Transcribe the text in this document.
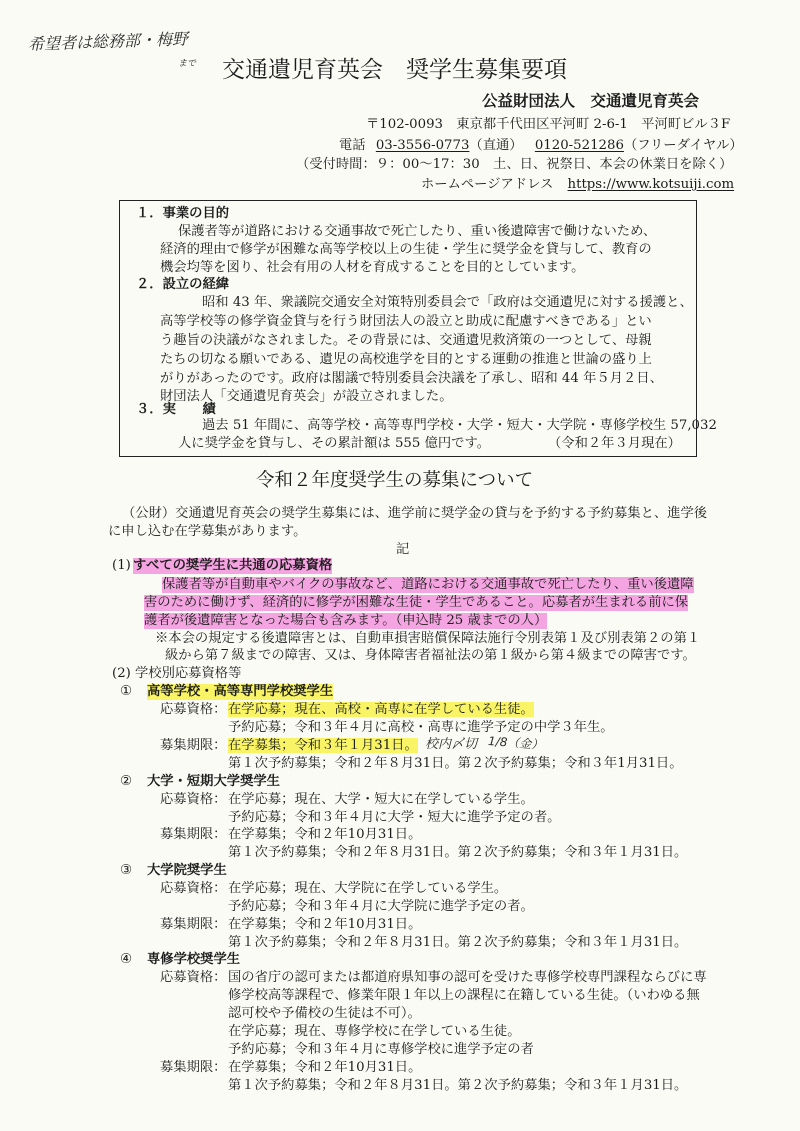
希望者は総務部・梅野
まで 交通遺児育英会　奨学生募集要項
公益財団法人　交通遺児育英会
〒102-0093　東京都千代田区平河町 2-6-1　平河町ビル３F
電話 03-3556-0773（直通） 0120-521286（フリーダイヤル）
（受付時間：９：00～17：30　土、日、祝祭日、本会の休業日を除く）
ホームページアドレス https://www.kotsuiji.com
１．事業の目的
保護者等が道路における交通事故で死亡したり、重い後遺障害で働けないため、
経済的理由で修学が困難な高等学校以上の生徒・学生に奨学金を貸与して、教育の
機会均等を図り、社会有用の人材を育成することを目的としています。
２．設立の経緯
昭和 43 年、衆議院交通安全対策特別委員会で「政府は交通遺児に対する援護と、
高等学校等の修学資金貸与を行う財団法人の設立と助成に配慮すべきである」とい
う趣旨の決議がなされました。その背景には、交通遺児救済策の一つとして、母親
たちの切なる願いである、遺児の高校進学を目的とする運動の推進と世論の盛り上
がりがあったのです。政府は閣議で特別委員会決議を了承し、昭和 44 年５月２日、
財団法人「交通遺児育英会」が設立されました。
３．実　　績
過去 51 年間に、高等学校・高等専門学校・大学・短大・大学院・専修学校生 57,032
人に奨学金を貸与し、その累計額は 555 億円です。	（令和２年３月現在）
令和２年度奨学生の募集について
（公財）交通遺児育英会の奨学生募集には、進学前に奨学金の貸与を予約する予約募集と、進学後
に申し込む在学募集があります。
記
(1) すべての奨学生に共通の応募資格
保護者等が自動車やバイクの事故など、道路における交通事故で死亡したり、重い後遺障
害のために働けず、経済的に修学が困難な生徒・学生であること。応募者が生まれる前に保
護者が後遺障害となった場合も含みます。（申込時 25 歳までの人）
※本会の規定する後遺障害とは、自動車損害賠償保障法施行令別表第１及び別表第２の第１
級から第７級までの障害、又は、身体障害者福祉法の第１級から第４級までの障害です。
(2) 学校別応募資格等
① 高等学校・高等専門学校奨学生
応募資格： 在学応募；現在、高校・高専に在学している生徒。
予約応募；令和３年４月に高校・高専に進学予定の中学３年生。
募集期限： 在学募集；令和３年１月31日。 校内〆切 1/8（金）
第１次予約募集；令和２年８月31日。第２次予約募集；令和３年1月31日。
② 大学・短期大学奨学生
応募資格： 在学応募；現在、大学・短大に在学している学生。
予約応募；令和３年４月に大学・短大に進学予定の者。
募集期限： 在学募集；令和２年10月31日。
第１次予約募集；令和２年８月31日。第２次予約募集；令和３年１月31日。
③ 大学院奨学生
応募資格： 在学応募；現在、大学院に在学している学生。
予約応募；令和３年４月に大学院に進学予定の者。
募集期限： 在学募集；令和２年10月31日。
第１次予約募集；令和２年８月31日。第２次予約募集；令和３年１月31日。
④ 専修学校奨学生
応募資格： 国の省庁の認可または都道府県知事の認可を受けた専修学校専門課程ならびに専
修学校高等課程で、修業年限１年以上の課程に在籍している生徒。（いわゆる無
認可校や予備校の生徒は不可）。
在学応募；現在、専修学校に在学している生徒。
予約応募；令和３年４月に専修学校に進学予定の者
募集期限： 在学募集；令和２年10月31日。
第１次予約募集；令和２年８月31日。第２次予約募集；令和３年１月31日。
